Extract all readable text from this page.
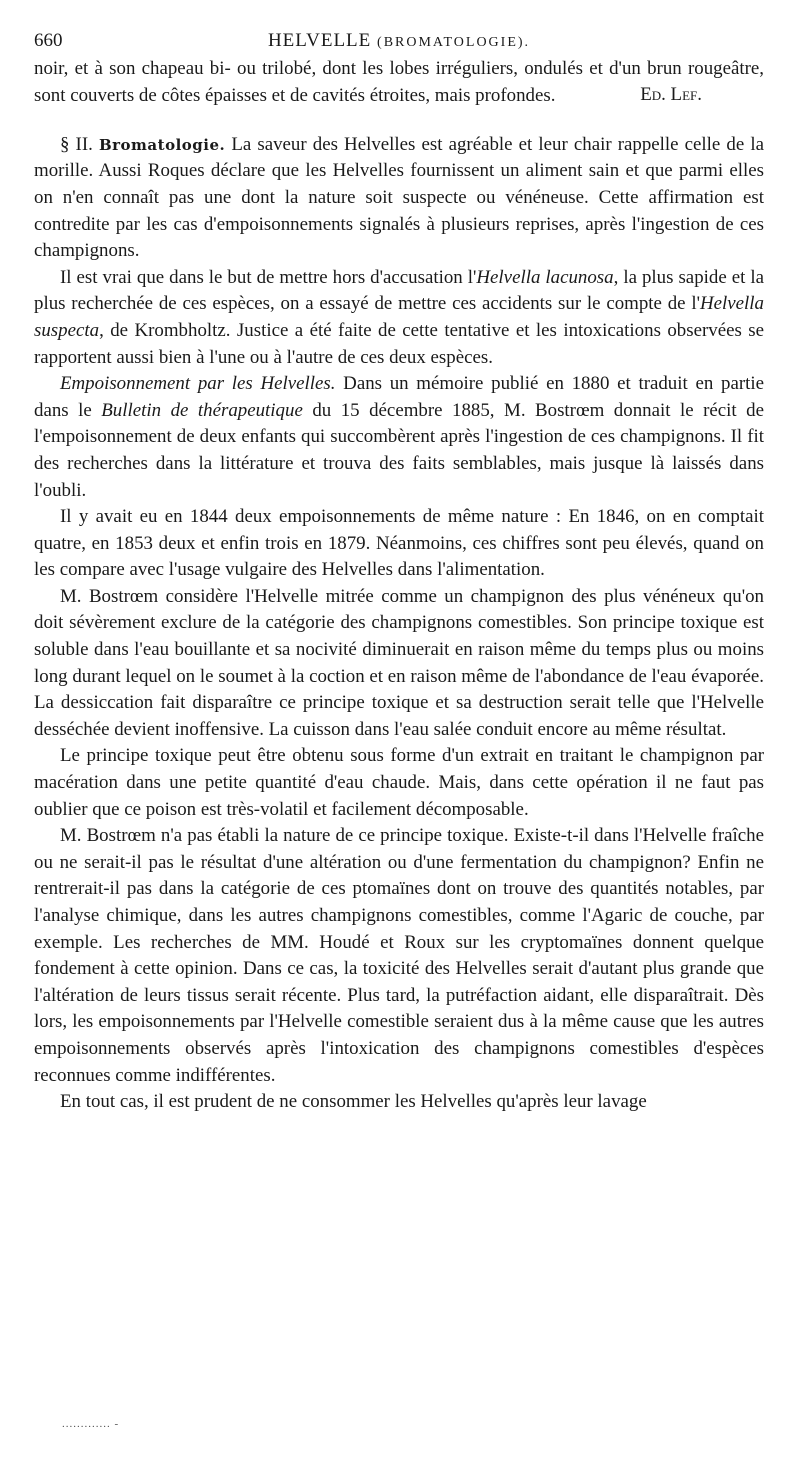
660	HELVELLE (BROMATOLOGIE).

noir, et à son chapeau bi- ou trilobé, dont les lobes irréguliers, ondulés et d'un brun rougeâtre, sont couverts de côtes épaisses et de cavités étroites, mais profondes.	Ed. Lef.

§ II. Bromatologie. La saveur des Helvelles est agréable et leur chair rappelle celle de la morille. Aussi Roques déclare que les Helvelles fournissent un aliment sain et que parmi elles on n'en connaît pas une dont la nature soit suspecte ou vénéneuse. Cette affirmation est contredite par les cas d'empoisonnements signalés à plusieurs reprises, après l'ingestion de ces champignons.

Il est vrai que dans le but de mettre hors d'accusation l'Helvella lacunosa, la plus sapide et la plus recherchée de ces espèces, on a essayé de mettre ces accidents sur le compte de l'Helvella suspecta, de Krombholtz. Justice a été faite de cette tentative et les intoxications observées se rapportent aussi bien à l'une ou à l'autre de ces deux espèces.

Empoisonnement par les Helvelles. Dans un mémoire publié en 1880 et traduit en partie dans le Bulletin de thérapeutique du 15 décembre 1885, M. Bostrœm donnait le récit de l'empoisonnement de deux enfants qui succombèrent après l'ingestion de ces champignons. Il fit des recherches dans la littérature et trouva des faits semblables, mais jusque là laissés dans l'oubli.

Il y avait eu en 1844 deux empoisonnements de même nature : En 1846, on en comptait quatre, en 1853 deux et enfin trois en 1879. Néanmoins, ces chiffres sont peu élevés, quand on les compare avec l'usage vulgaire des Helvelles dans l'alimentation.

M. Bostrœm considère l'Helvelle mitrée comme un champignon des plus vénéneux qu'on doit sévèrement exclure de la catégorie des champignons comestibles. Son principe toxique est soluble dans l'eau bouillante et sa nocivité diminuerait en raison même du temps plus ou moins long durant lequel on le soumet à la coction et en raison même de l'abondance de l'eau évaporée. La dessiccation fait disparaître ce principe toxique et sa destruction serait telle que l'Helvelle desséchée devient inoffensive. La cuisson dans l'eau salée conduit encore au même résultat.

Le principe toxique peut être obtenu sous forme d'un extrait en traitant le champignon par macération dans une petite quantité d'eau chaude. Mais, dans cette opération il ne faut pas oublier que ce poison est très-volatil et facilement décomposable.

M. Bostrœm n'a pas établi la nature de ce principe toxique. Existe-t-il dans l'Helvelle fraîche ou ne serait-il pas le résultat d'une altération ou d'une fermentation du champignon? Enfin ne rentrerait-il pas dans la catégorie de ces ptomaïnes dont on trouve des quantités notables, par l'analyse chimique, dans les autres champignons comestibles, comme l'Agaric de couche, par exemple. Les recherches de MM. Houdé et Roux sur les cryptomaïnes donnent quelque fondement à cette opinion. Dans ce cas, la toxicité des Helvelles serait d'autant plus grande que l'altération de leurs tissus serait récente. Plus tard, la putréfaction aidant, elle disparaîtrait. Dès lors, les empoisonnements par l'Helvelle comestible seraient dus à la même cause que les autres empoisonnements observés après l'intoxication des champignons comestibles d'espèces reconnues comme indifférentes.

En tout cas, il est prudent de ne consommer les Helvelles qu'après leur lavage

............. -
